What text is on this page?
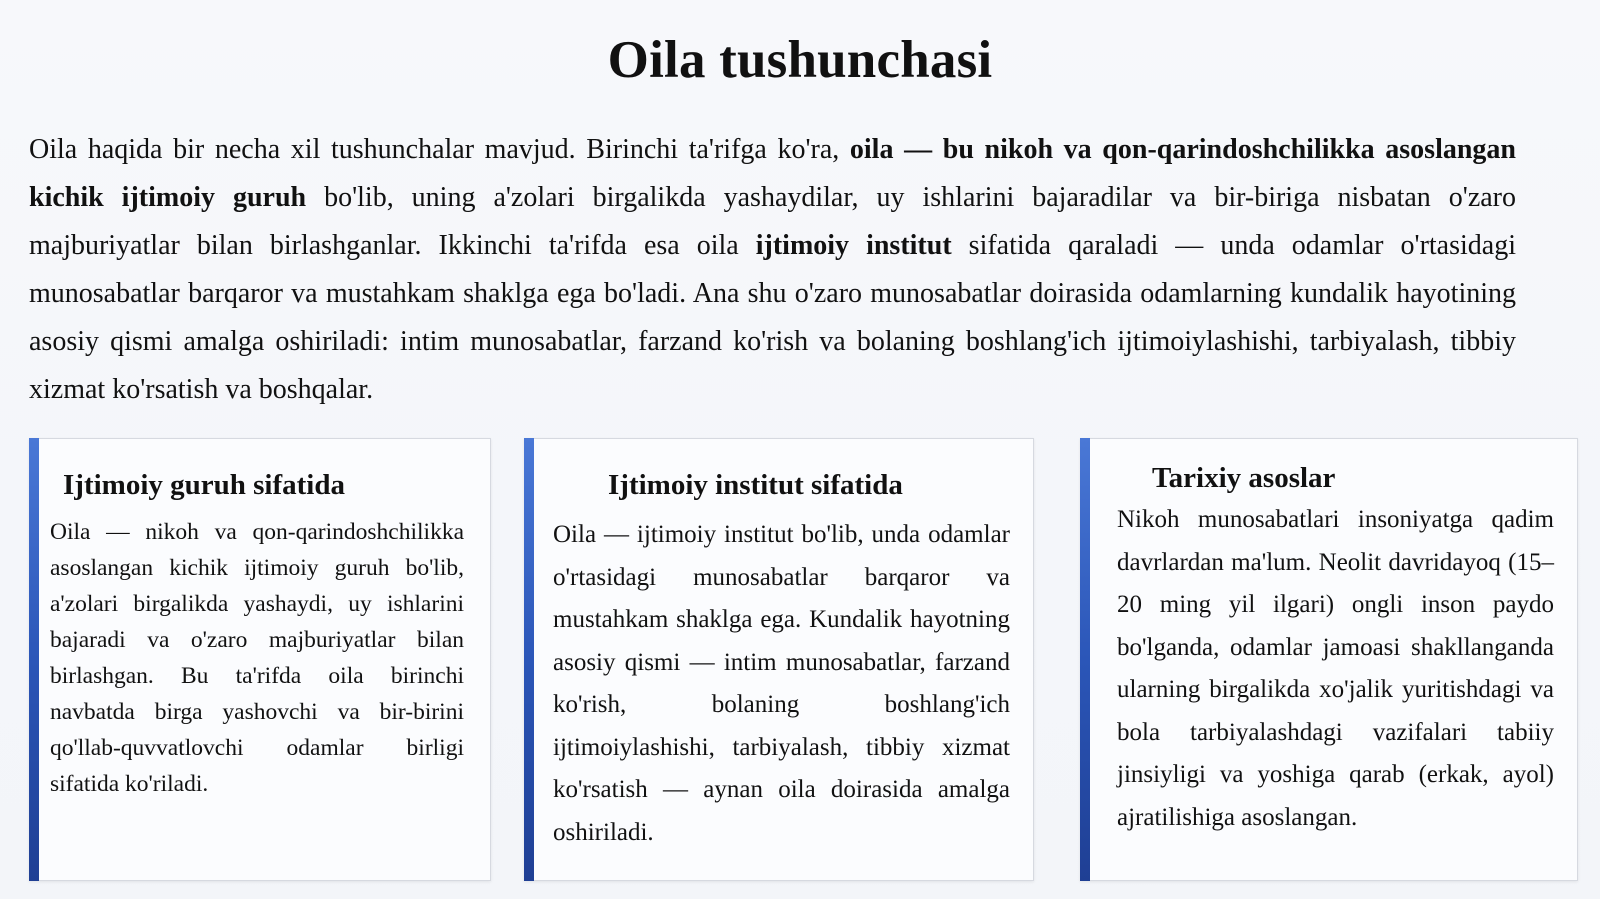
Oila tushunchasi

Oila haqida bir necha xil tushunchalar mavjud. Birinchi ta'rifga ko'ra, oila — bu nikoh va qon-qarindoshchilikka asoslangan kichik ijtimoiy guruh bo'lib, uning a'zolari birgalikda yashaydilar, uy ishlarini bajaradilar va bir-biriga nisbatan o'zaro majburiyatlar bilan birlashganlar. Ikkinchi ta'rifda esa oila ijtimoiy institut sifatida qaraladi — unda odamlar o'rtasidagi munosabatlar barqaror va mustahkam shaklga ega bo'ladi. Ana shu o'zaro munosabatlar doirasida odamlarning kundalik hayotining asosiy qismi amalga oshiriladi: intim munosabatlar, farzand ko'rish va bolaning boshlang'ich ijtimoiylashishi, tarbiyalash, tibbiy xizmat ko'rsatish va boshqalar.

Ijtimoiy guruh sifatida

Oila — nikoh va qon-qarindoshchilikka asoslangan kichik ijtimoiy guruh bo'lib, a'zolari birgalikda yashaydi, uy ishlarini bajaradi va o'zaro majburiyatlar bilan birlashgan. Bu ta'rifda oila birinchi navbatda birga yashovchi va bir-birini qo'llab-quvvatlovchi odamlar birligi sifatida ko'riladi.

Ijtimoiy institut sifatida

Oila — ijtimoiy institut bo'lib, unda odamlar o'rtasidagi munosabatlar barqaror va mustahkam shaklga ega. Kundalik hayotning asosiy qismi — intim munosabatlar, farzand ko'rish, bolaning boshlang'ich ijtimoiylashishi, tarbiyalash, tibbiy xizmat ko'rsatish — aynan oila doirasida amalga oshiriladi.

Tarixiy asoslar

Nikoh munosabatlari insoniyatga qadim davrlardan ma'lum. Neolit davridayoq (15–20 ming yil ilgari) ongli inson paydo bo'lganda, odamlar jamoasi shakllanganda ularning birgalikda xo'jalik yuritishdagi va bola tarbiyalashdagi vazifalari tabiiy jinsiyligi va yoshiga qarab (erkak, ayol) ajratilishiga asoslangan.
